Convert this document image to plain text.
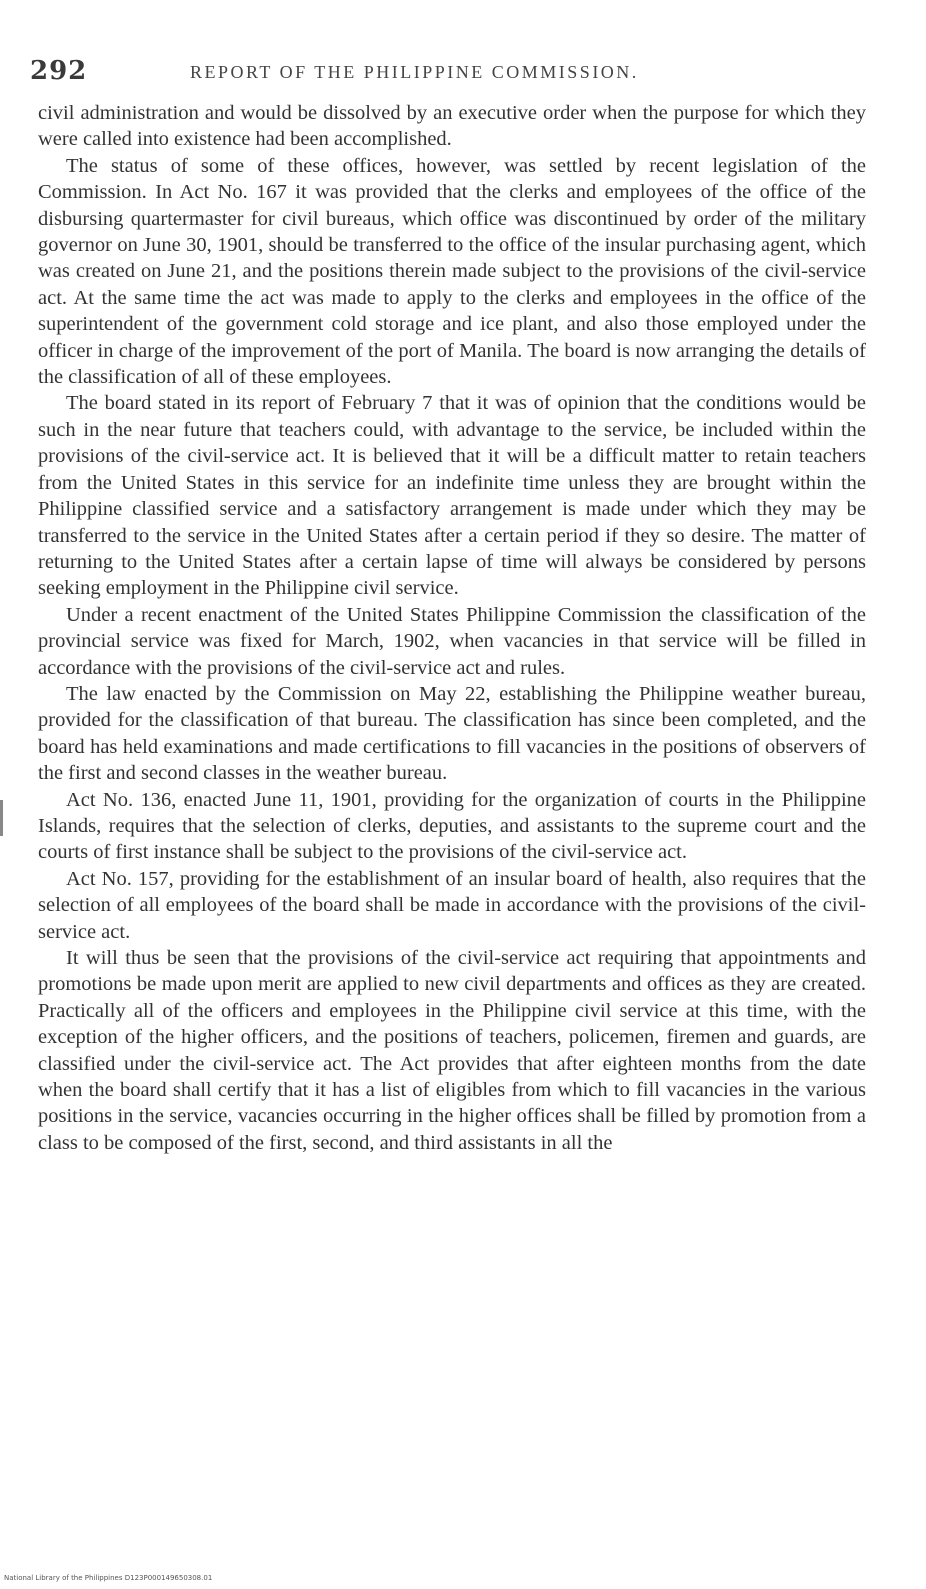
292	REPORT OF THE PHILIPPINE COMMISSION.

civil administration and would be dissolved by an executive order when the purpose for which they were called into existence had been accomplished.

The status of some of these offices, however, was settled by recent legislation of the Commission. In Act No. 167 it was provided that the clerks and employees of the office of the disbursing quartermaster for civil bureaus, which office was discontinued by order of the military governor on June 30, 1901, should be transferred to the office of the insular purchasing agent, which was created on June 21, and the positions therein made subject to the provisions of the civil-service act. At the same time the act was made to apply to the clerks and employees in the office of the superintendent of the government cold storage and ice plant, and also those employed under the officer in charge of the improvement of the port of Manila. The board is now arranging the details of the classification of all of these employees.

The board stated in its report of February 7 that it was of opinion that the conditions would be such in the near future that teachers could, with advantage to the service, be included within the provisions of the civil-service act. It is believed that it will be a difficult matter to retain teachers from the United States in this service for an indefinite time unless they are brought within the Philippine classified service and a satisfactory arrangement is made under which they may be transferred to the service in the United States after a certain period if they so desire. The matter of returning to the United States after a certain lapse of time will always be considered by persons seeking employment in the Philippine civil service.

Under a recent enactment of the United States Philippine Commission the classification of the provincial service was fixed for March, 1902, when vacancies in that service will be filled in accordance with the provisions of the civil-service act and rules.

The law enacted by the Commission on May 22, establishing the Philippine weather bureau, provided for the classification of that bureau. The classification has since been completed, and the board has held examinations and made certifications to fill vacancies in the positions of observers of the first and second classes in the weather bureau.

Act No. 136, enacted June 11, 1901, providing for the organization of courts in the Philippine Islands, requires that the selection of clerks, deputies, and assistants to the supreme court and the courts of first instance shall be subject to the provisions of the civil-service act.

Act No. 157, providing for the establishment of an insular board of health, also requires that the selection of all employees of the board shall be made in accordance with the provisions of the civil-service act.

It will thus be seen that the provisions of the civil-service act requiring that appointments and promotions be made upon merit are applied to new civil departments and offices as they are created. Practically all of the officers and employees in the Philippine civil service at this time, with the exception of the higher officers, and the positions of teachers, policemen, firemen and guards, are classified under the civil-service act. The Act provides that after eighteen months from the date when the board shall certify that it has a list of eligibles from which to fill vacancies in the various positions in the service, vacancies occurring in the higher offices shall be filled by promotion from a class to be composed of the first, second, and third assistants in all the

National Library of the Philippines D123P000149650308.01
